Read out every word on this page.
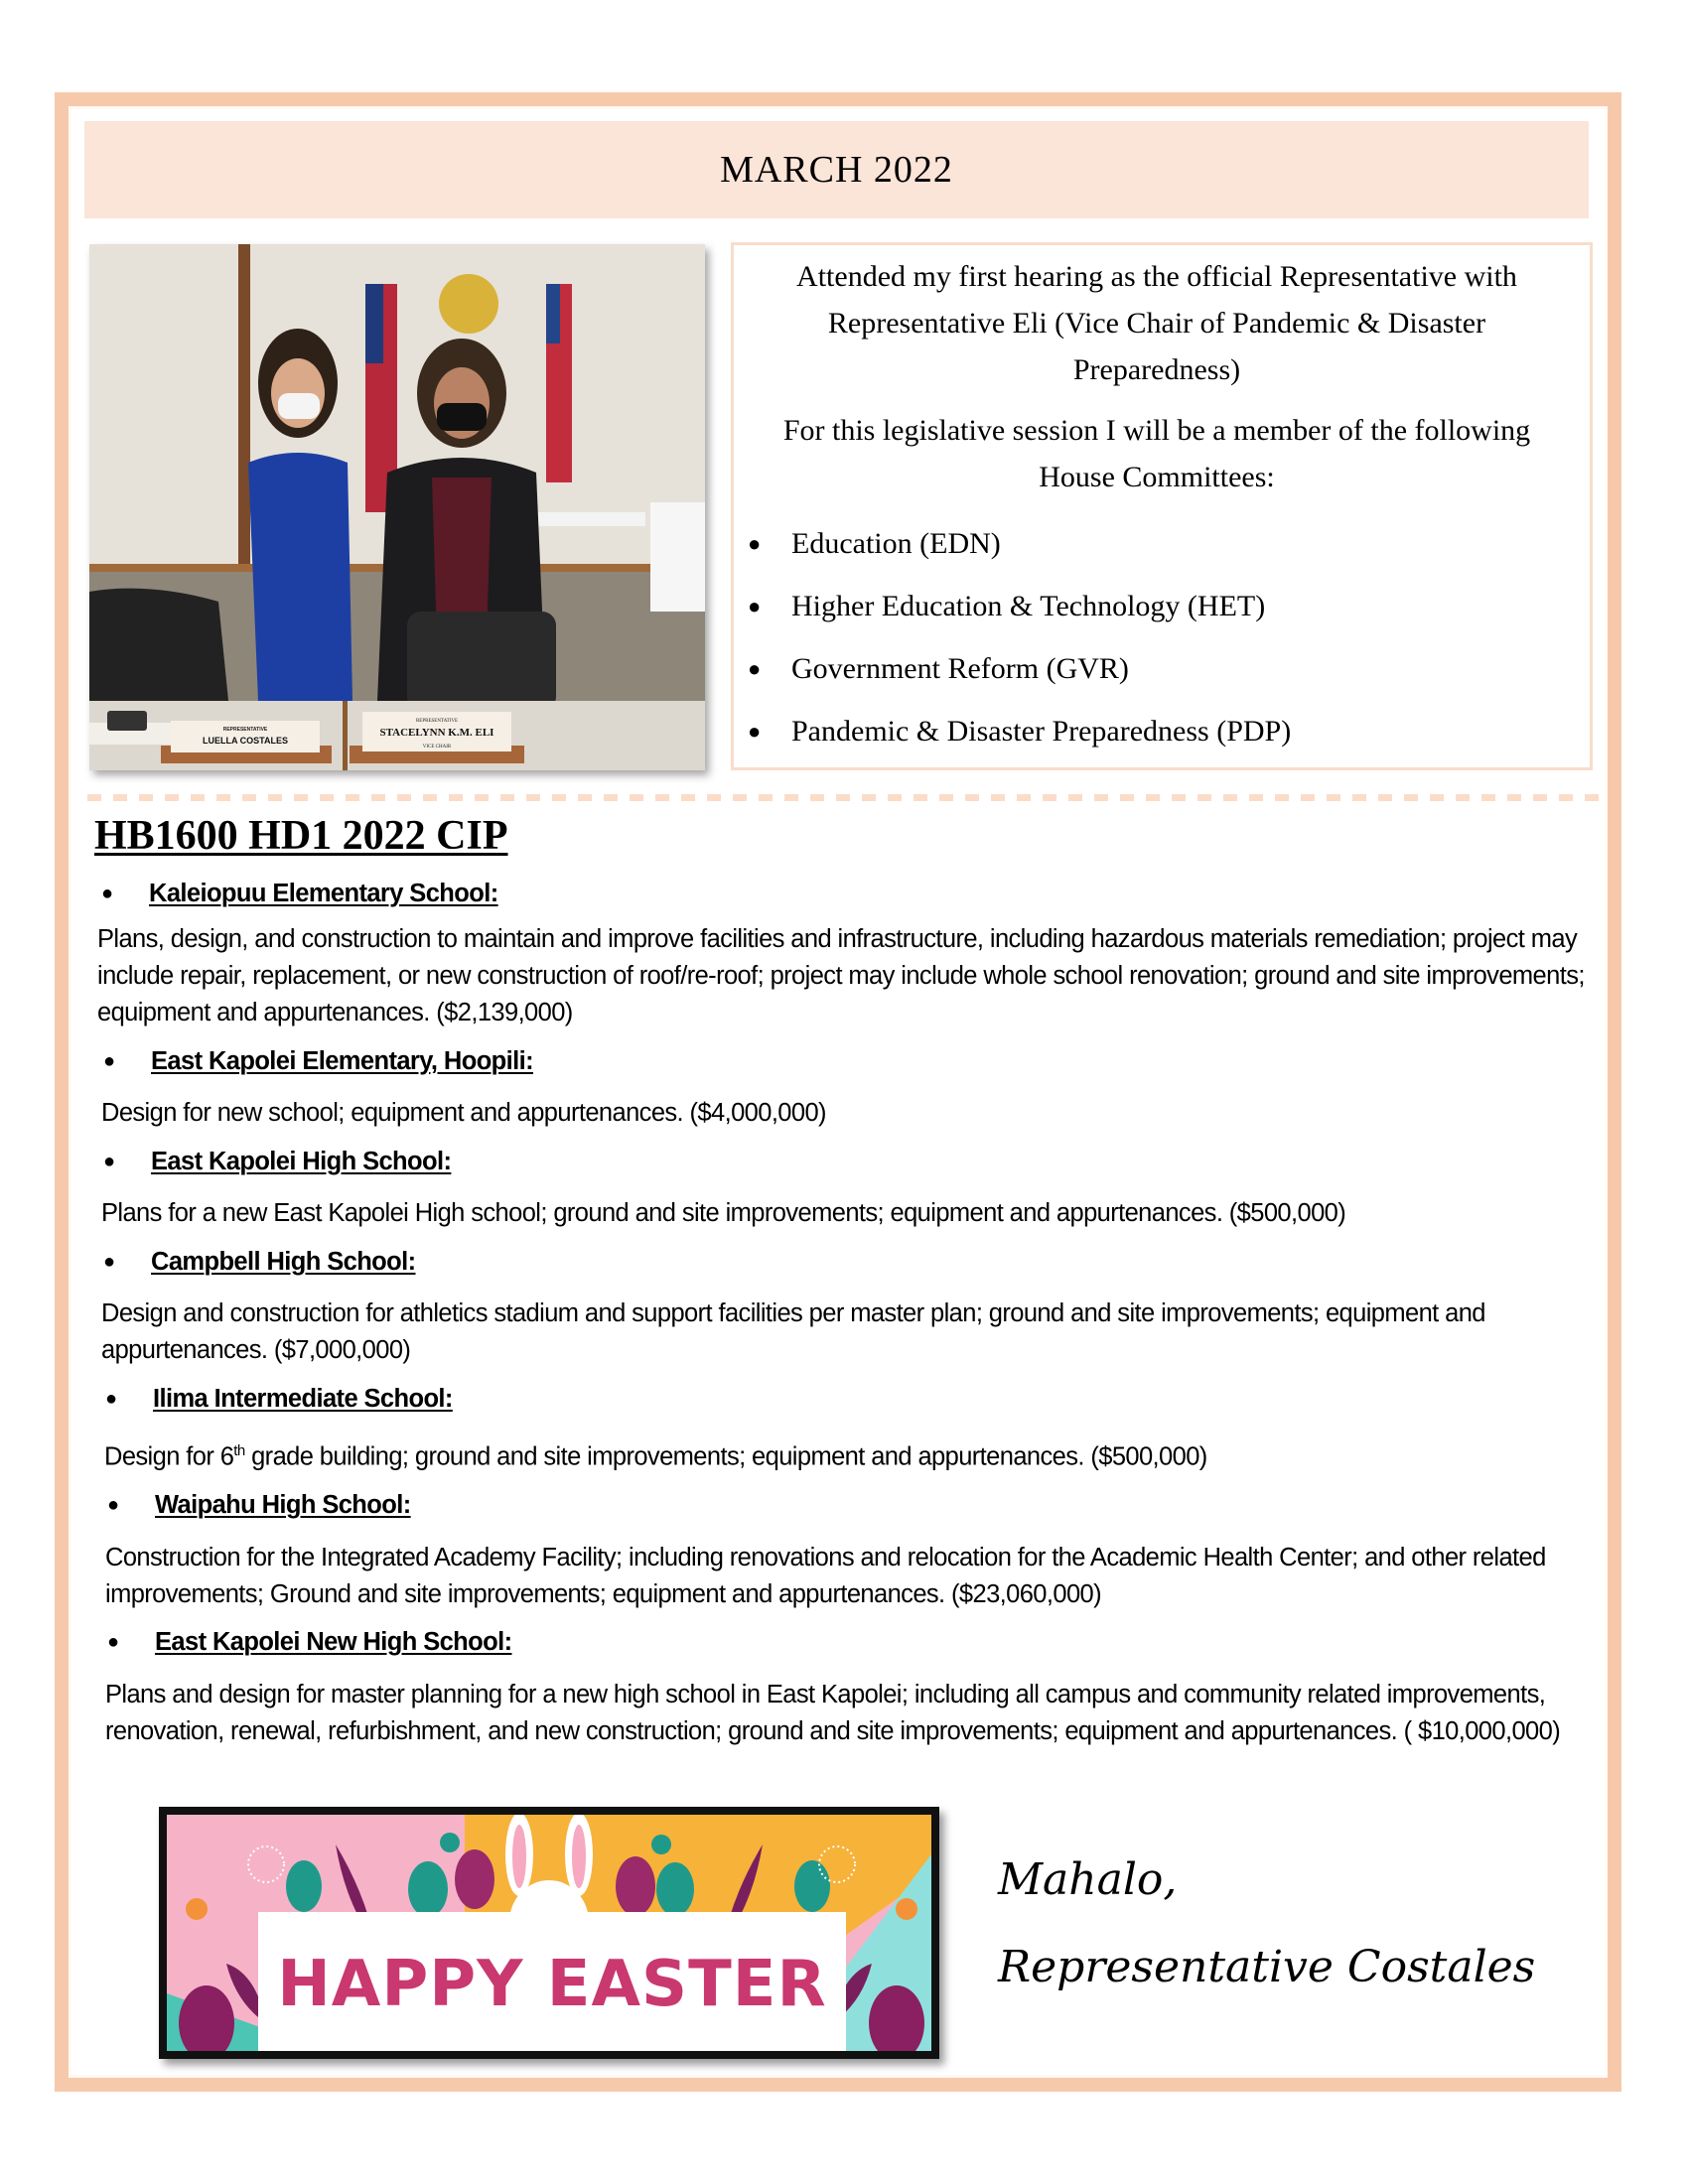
MARCH 2022
REPRESENTATIVE
LUELLA COSTALES
REPRESENTATIVE
STACELYNN K.M. ELI
VICE CHAIR

Attended my first hearing as the official Representative with Representative Eli (Vice Chair of Pandemic & Disaster Preparedness)

For this legislative session I will be a member of the following House Committees:

●	Education (EDN)
●	Higher Education & Technology (HET)
●	Government Reform (GVR)
●	Pandemic & Disaster Preparedness (PDP)
HB1600 HD1 2022 CIP
●	Kaleiopuu Elementary School:

Plans, design, and construction to maintain and improve facilities and infrastructure, including hazardous materials remediation; project may include repair, replacement, or new construction of roof/re-roof; project may include whole school renovation; ground and site improvements; equipment and appurtenances. ($2,139,000)

●	East Kapolei Elementary, Hoopili:

Design for new school; equipment and appurtenances. ($4,000,000)

●	East Kapolei High School:

Plans for a new East Kapolei High school; ground and site improvements; equipment and appurtenances. ($500,000)

●	Campbell High School:

Design and construction for athletics stadium and support facilities per master plan; ground and site improvements; equipment and appurtenances. ($7,000,000)

●	Ilima Intermediate School:

Design for 6th grade building; ground and site improvements; equipment and appurtenances. ($500,000)

●	Waipahu High School:

Construction for the Integrated Academy Facility; including renovations and relocation for the Academic Health Center; and other related improvements; Ground and site improvements; equipment and appurtenances. ($23,060,000)

●	East Kapolei New High School:

Plans and design for master planning for a new high school in East Kapolei; including all campus and community related improvements, renovation, renewal, refurbishment, and new construction; ground and site improvements; equipment and appurtenances. ( $10,000,000)

HAPPY EASTER
Mahalo,
Representative Costales
